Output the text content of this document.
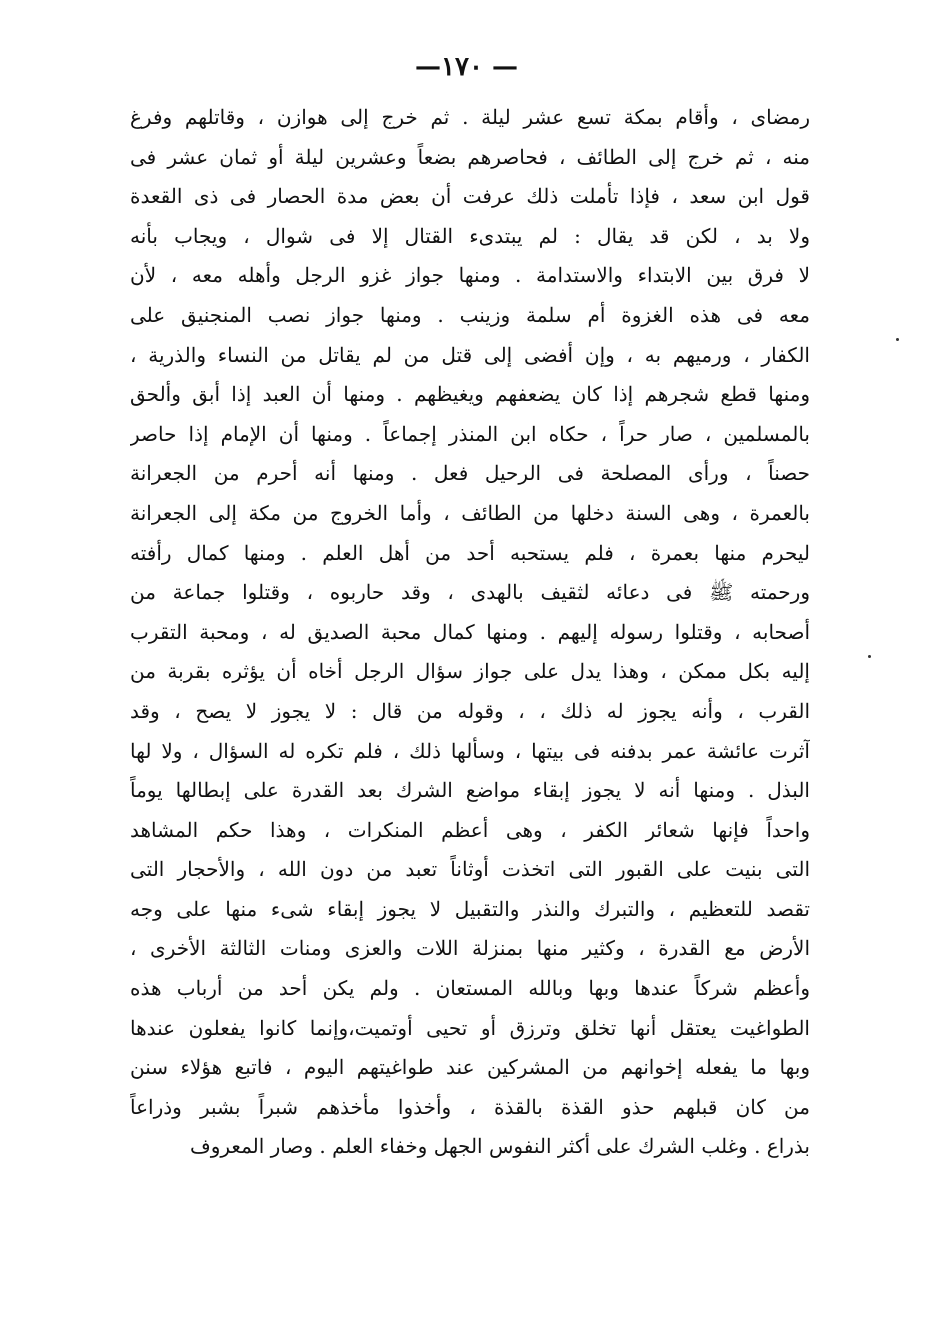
—١٧٠ —
رمضاى ، وأقام بمكة تسع عشر ليلة . ثم خرج إلى هوازن ، وقاتلهم وفرغ
منه ، ثم خرج إلى الطائف ، فحاصرهم بضعاً وعشرين ليلة أو ثمان عشر فى
قول ابن سعد ، فإذا تأملت ذلك عرفت أن بعض مدة الحصار فى ذى القعدة
ولا بد ، لكن قد يقال : لم يبتدىء القتال إلا فى شوال ، ويجاب بأنه
لا فرق بين الابتداء والاستدامة . ومنها جواز غزو الرجل وأهله معه ، لأن
معه فى هذه الغزوة أم سلمة وزينب . ومنها جواز نصب المنجنيق على
الكفار ، ورميهم به ، وإن أفضى إلى قتل من لم يقاتل من النساء والذرية ،
ومنها قطع شجرهم إذا كان يضعفهم ويغيظهم . ومنها أن العبد إذا أبق وألحق
بالمسلمين ، صار حراً ، حكاه ابن المنذر إجماعاً . ومنها أن الإمام إذا حاصر
حصناً ، ورأى المصلحة فى الرحيل فعل . ومنها أنه أحرم من الجعرانة
بالعمرة ، وهى السنة دخلها من الطائف ، وأما الخروج من مكة إلى الجعرانة
ليحرم منها بعمرة ، فلم يستحبه أحد من أهل العلم . ومنها كمال رأفته
ورحمته ﷺ فى دعائه لثقيف بالهدى ، وقد حاربوه ، وقتلوا جماعة من
أصحابه ، وقتلوا رسوله إليهم . ومنها كمال محبة الصديق له ، ومحبة التقرب
إليه بكل ممكن ، وهذا يدل على جواز سؤال الرجل أخاه أن يؤثره بقربة من
القرب ، وأنه يجوز له ذلك ، ، وقوله من قال : لا يجوز لا يصح ، وقد
آثرت عائشة عمر بدفنه فى بيتها ، وسألها ذلك ، فلم تكره له السؤال ، ولا لها
البذل . ومنها أنه لا يجوز إبقاء مواضع الشرك بعد القدرة على إبطالها يوماً
واحداً فإنها شعائر الكفر ، وهى أعظم المنكرات ، وهذا حكم المشاهد
التى بنيت على القبور التى اتخذت أوثاناً تعبد من دون الله ، والأحجار التى
تقصد للتعظيم ، والتبرك والنذر والتقبيل لا يجوز إبقاء شىء منها على وجه
الأرض مع القدرة ، وكثير منها بمنزلة اللات والعزى ومنات الثالثة الأخرى ،
وأعظم شركاً عندها وبها وبالله المستعان . ولم يكن أحد من أرباب هذه
الطواغيت يعتقل أنها تخلق وترزق أو تحيى أوتميت،وإنما كانوا يفعلون عندها
وبها ما يفعله إخوانهم من المشركين عند طواغيتهم اليوم ، فاتبع هؤلاء سنن
من كان قبلهم حذو القذة بالقذة ، وأخذوا مأخذهم شبراً بشبر وذراعاً
بذراع . وغلب الشرك على أكثر النفوس الجهل وخفاء العلم . وصار المعروف
